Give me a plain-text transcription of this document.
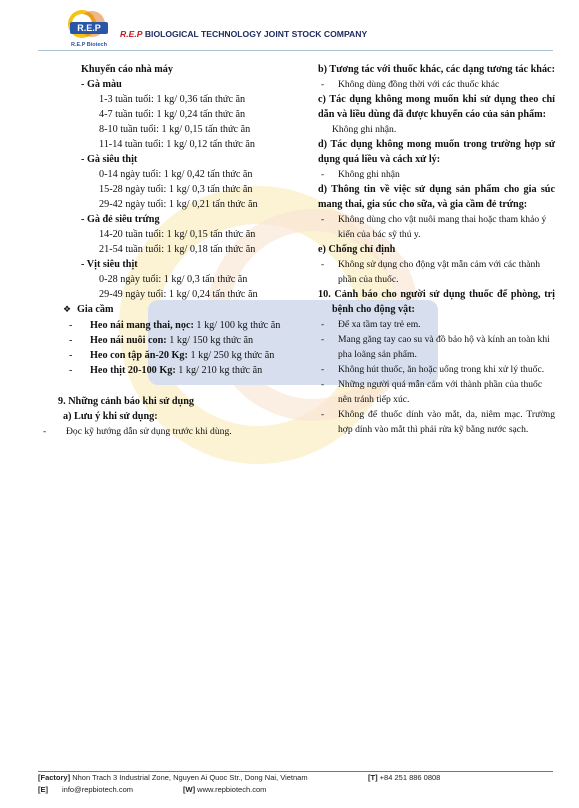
R.E.P
R.E.P Biotech
R.E.P BIOLOGICAL TECHNOLOGY JOINT STOCK COMPANY
Khuyến cáo nhà máy
- Gà màu
1-3 tuần tuổi: 1 kg/ 0,36 tấn thức ăn
4-7 tuần tuổi: 1 kg/ 0,24 tấn thức ăn
8-10 tuần tuổi: 1 kg/ 0,15 tấn thức ăn
11-14 tuần tuổi: 1 kg/ 0,12 tấn thức ăn
- Gà siêu thịt
0-14 ngày tuổi: 1 kg/ 0,42 tấn thức ăn
15-28 ngày tuổi: 1 kg/ 0,3 tấn thức ăn
29-42 ngày tuổi: 1 kg/ 0,21 tấn thức ăn
- Gà đẻ siêu trứng
14-20 tuần tuổi: 1 kg/ 0,15 tấn thức ăn
21-54 tuần tuổi: 1 kg/ 0,18 tấn thức ăn
- Vịt siêu thịt
0-28 ngày tuổi: 1 kg/ 0,3 tấn thức ăn
29-49 ngày tuổi: 1 kg/ 0,24 tấn thức ăn
❖ Gia cầm
- Heo nái mang thai, nọc: 1 kg/ 100 kg thức ăn
- Heo nái nuôi con: 1 kg/ 150 kg thức ăn
- Heo con tập ăn-20 Kg: 1 kg/ 250 kg thức ăn
- Heo thịt 20-100 Kg: 1 kg/ 210 kg thức ăn
9. Những cảnh báo khi sử dụng
a) Lưu ý khi sử dụng:
- Đọc kỹ hướng dẫn sử dụng trước khi dùng.
b) Tương tác với thuốc khác, các dạng tương tác khác:
- Không dùng đồng thời với các thuốc khác
c) Tác dụng không mong muốn khi sử dụng theo chỉ dẫn và liều dùng đã được khuyến cáo của sản phẩm:
Không ghi nhận.
d) Tác dụng không mong muốn trong trường hợp sử dụng quá liều và cách xử lý:
- Không ghi nhận
d) Thông tin về việc sử dụng sản phẩm cho gia súc mang thai, gia súc cho sữa, và gia cầm đẻ trứng:
- Không dùng cho vật nuôi mang thai hoặc tham khảo ý kiến của bác sỹ thú y.
e) Chống chỉ định
- Không sử dụng cho động vật mẫn cảm với các thành phần của thuốc.
10. Cảnh báo cho người sử dụng thuốc để phòng, trị bệnh cho động vật:
- Để xa tầm tay trẻ em.
- Mang găng tay cao su và đồ bảo hộ và kính an toàn khi pha loãng sản phẩm.
- Không hút thuốc, ăn hoặc uống trong khi xử lý thuốc.
- Những người quá mẫn cảm với thành phần của thuốc nên tránh tiếp xúc.
- Không để thuốc dính vào mắt, da, niêm mạc. Trường hợp dính vào mắt thì phải rửa kỹ bằng nước sạch.
[Factory] Nhon Trach 3 Industrial Zone, Nguyen Ai Quoc Str., Dong Nai, Vietnam	[T] +84 251 886 0808
[E] info@repbiotech.com	[W] www.repbiotech.com
